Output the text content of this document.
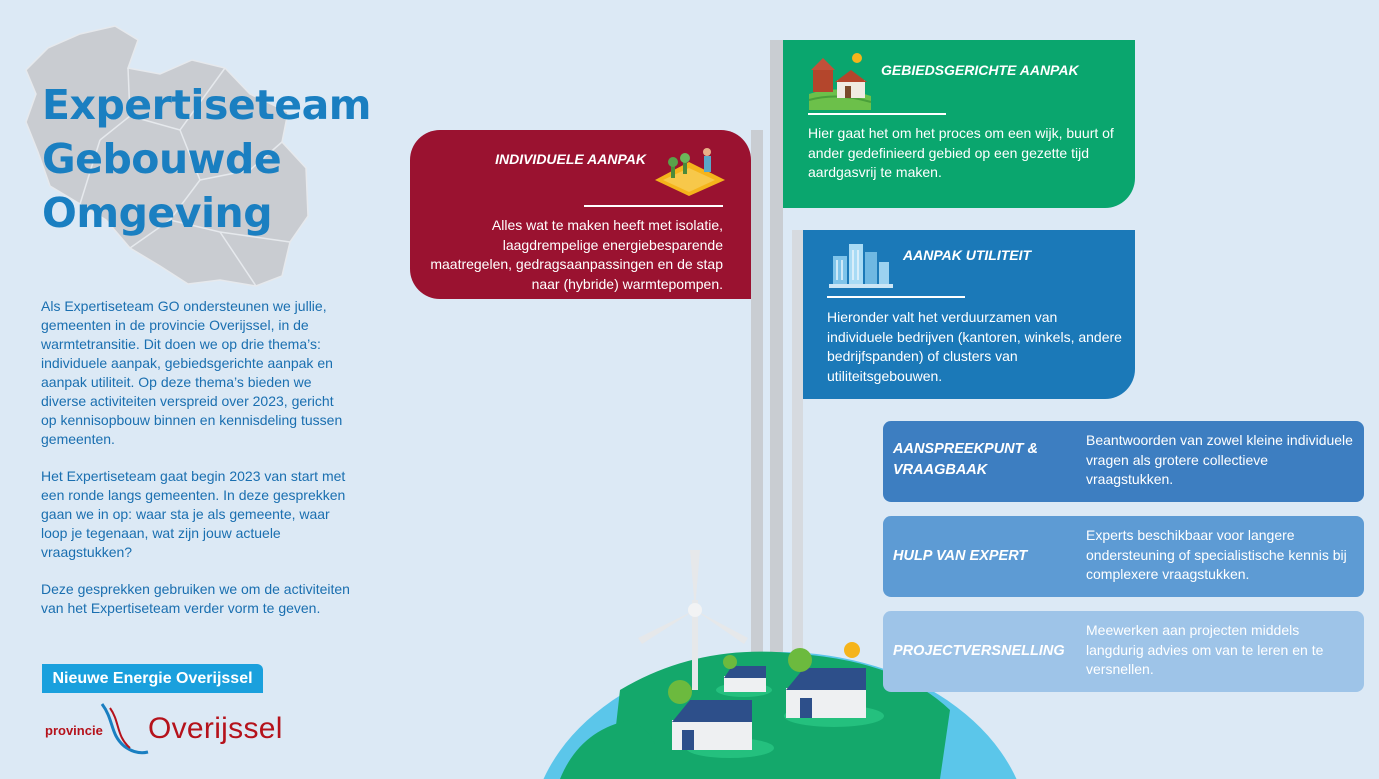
Expertiseteam
Gebouwde
Omgeving

Als Expertiseteam GO ondersteunen we jullie, gemeenten in de provincie Overijssel, in de warmtetransitie. Dit doen we op drie thema’s: individuele aanpak, gebiedsgerichte aanpak en aanpak utiliteit. Op deze thema’s bieden we diverse activiteiten verspreid over 2023, gericht op kennisopbouw binnen en kennisdeling tussen gemeenten.

Het Expertiseteam gaat begin 2023 van start met een ronde langs gemeenten. In deze gesprekken gaan we in op: waar sta je als gemeente, waar loop je tegenaan, wat zijn jouw actuele vraagstukken?

Deze gesprekken gebruiken we om de activiteiten van het Expertiseteam verder vorm te geven.

Nieuwe Energie Overijssel
provincie Overijssel
INDIVIDUELE AANPAK

Alles wat te maken heeft met isolatie, laagdrempelige energiebesparende maatregelen, gedragsaanpassingen en de stap naar (hybride) warmtepompen.

GEBIEDSGERICHTE AANPAK

Hier gaat het om het proces om een wijk, buurt of ander gedefinieerd gebied op een gezette tijd aardgasvrij te maken.

AANPAK UTILITEIT

Hieronder valt het verduurzamen van individuele bedrijven (kantoren, winkels, andere bedrijfspanden) of clusters van utiliteitsgebouwen.

AANSPREEKPUNT & VRAAGBAAK

Beantwoorden van zowel kleine individuele vragen als grotere collectieve vraagstukken.

HULP VAN EXPERT

Experts beschikbaar voor langere ondersteuning of specialistische kennis bij complexere vraagstukken.

PROJECTVERSNELLING

Meewerken aan projecten middels langdurig advies om van te leren en te versnellen.
